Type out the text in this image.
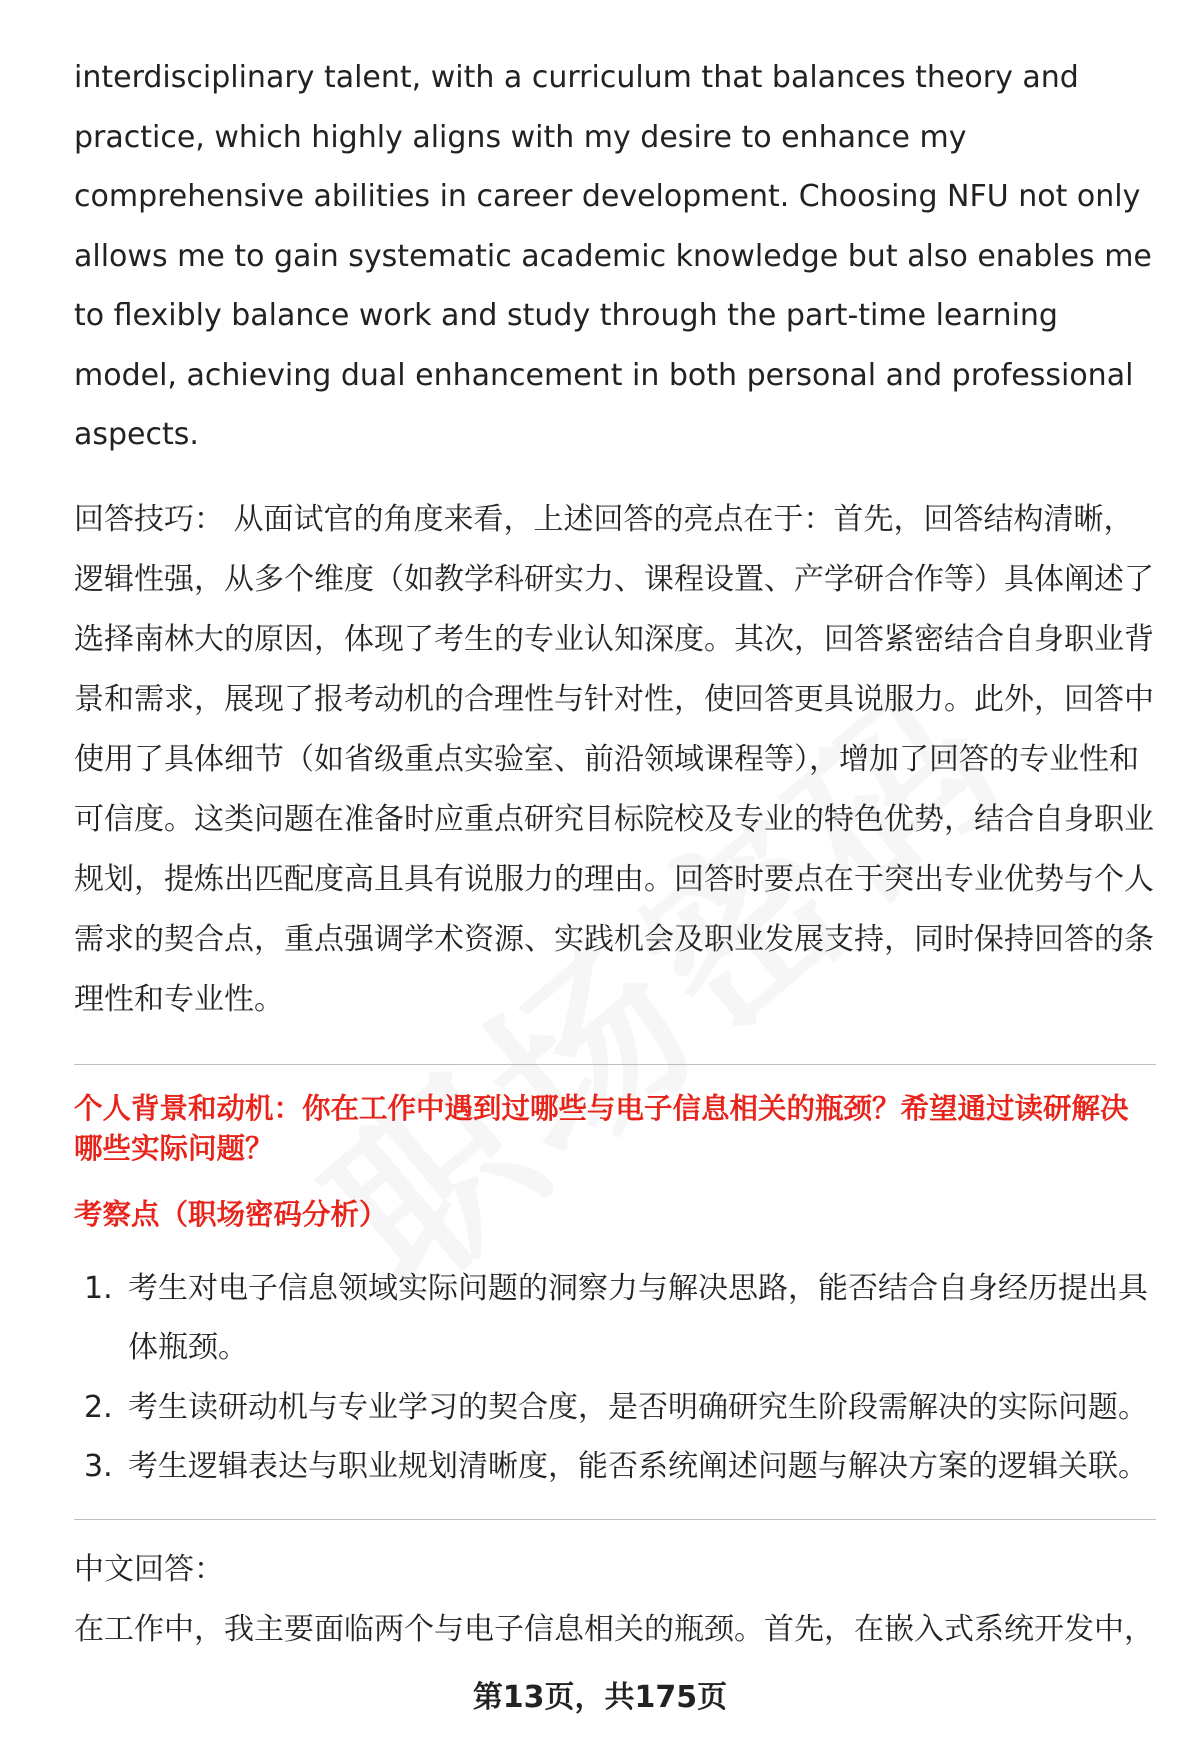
interdisciplinary talent, with a curriculum that balances theory and practice, which highly aligns with my desire to enhance my comprehensive abilities in career development. Choosing NFU not only allows me to gain systematic academic knowledge but also enables me to flexibly balance work and study through the part-time learning model, achieving dual enhancement in both personal and professional aspects.

回答技巧： 从面试官的角度来看，上述回答的亮点在于：首先，回答结构清晰，逻辑性强，从多个维度（如教学科研实力、课程设置、产学研合作等）具体阐述了选择南林大的原因，体现了考生的专业认知深度。其次，回答紧密结合自身职业背景和需求，展现了报考动机的合理性与针对性，使回答更具说服力。此外，回答中使用了具体细节（如省级重点实验室、前沿领域课程等），增加了回答的专业性和可信度。这类问题在准备时应重点研究目标院校及专业的特色优势，结合自身职业规划，提炼出匹配度高且具有说服力的理由。回答时要点在于突出专业优势与个人需求的契合点，重点强调学术资源、实践机会及职业发展支持，同时保持回答的条理性和专业性。

个人背景和动机：你在工作中遇到过哪些与电子信息相关的瓶颈？希望通过读研解决哪些实际问题？

考察点（职场密码分析）

1. 考生对电子信息领域实际问题的洞察力与解决思路，能否结合自身经历提出具体瓶颈。
2. 考生读研动机与专业学习的契合度，是否明确研究生阶段需解决的实际问题。
3. 考生逻辑表达与职业规划清晰度，能否系统阐述问题与解决方案的逻辑关联。

中文回答：

在工作中，我主要面临两个与电子信息相关的瓶颈。首先，在嵌入式系统开发中，

第13页，共175页
